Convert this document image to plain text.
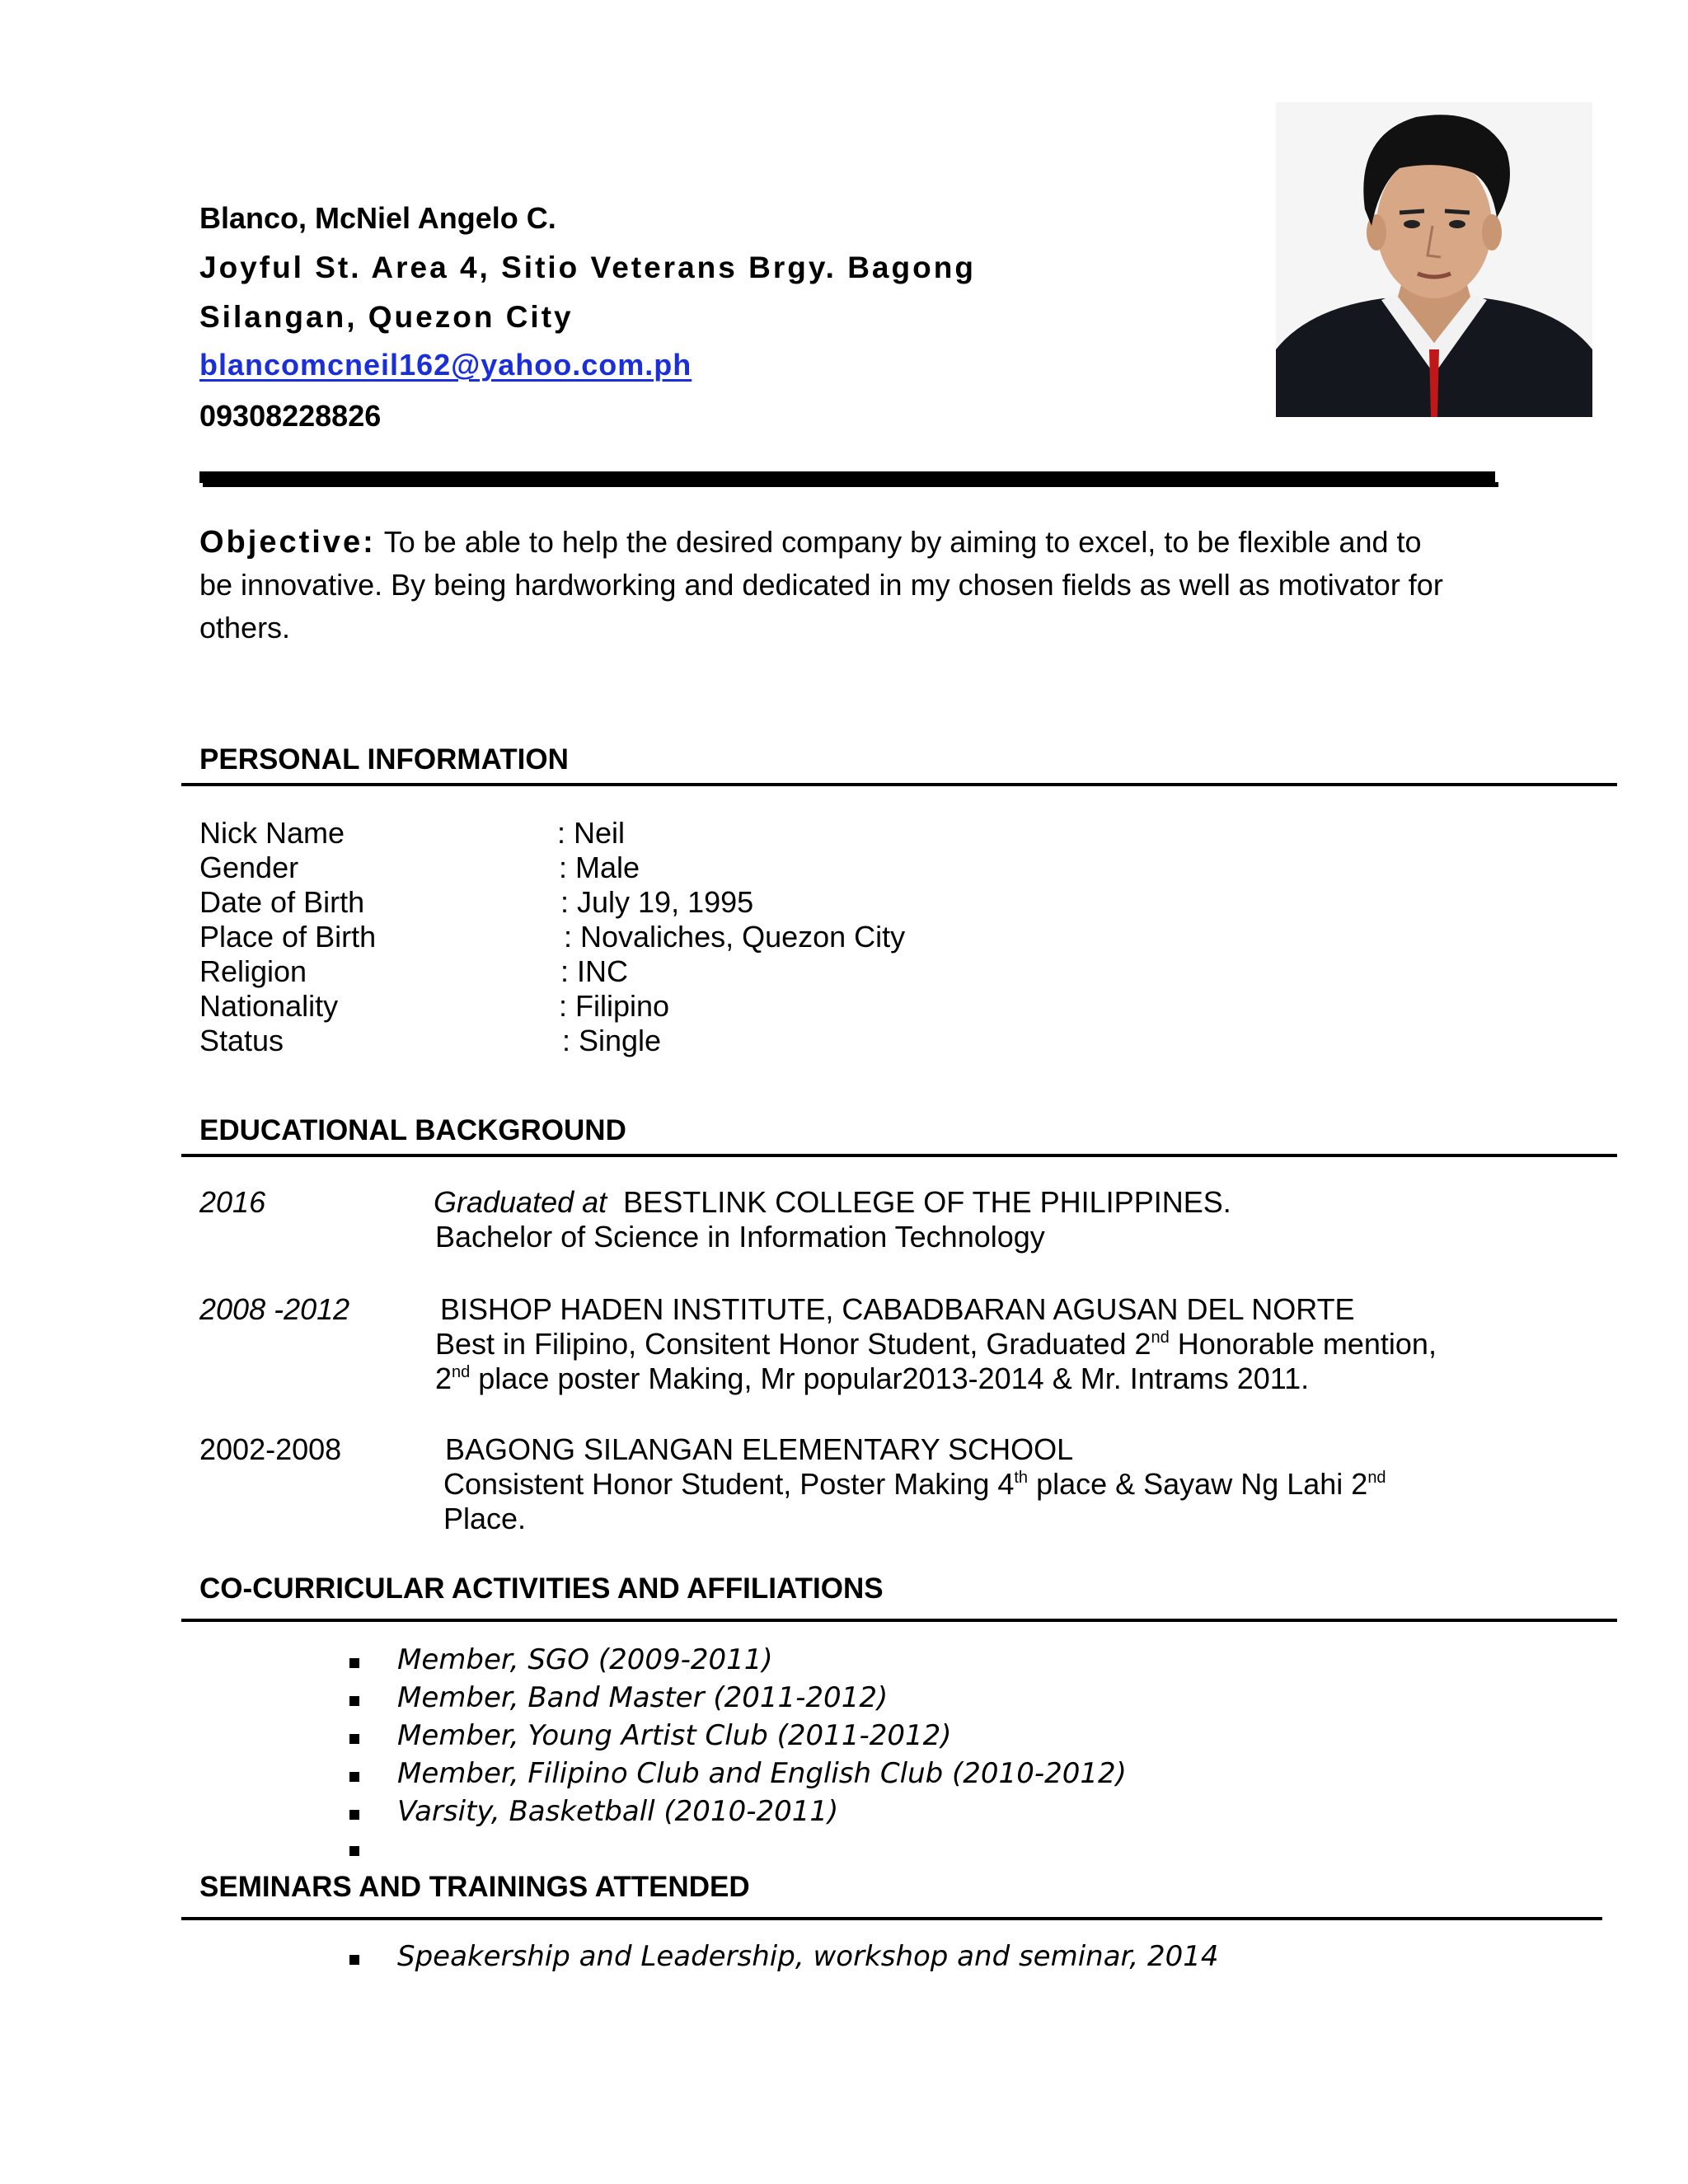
Blanco, McNiel Angelo C.
Joyful St. Area 4, Sitio Veterans Brgy. Bagong
Silangan, Quezon City
blancomcneil162@yahoo.com.ph
09308228826
Objective: To be able to help the desired company by aiming to excel, to be flexible and to
be innovative. By being hardworking and dedicated in my chosen fields as well as motivator for
others.
PERSONAL INFORMATION
Nick Name	: Neil
Gender	: Male
Date of Birth	: July 19, 1995
Place of Birth	: Novaliches, Quezon City
Religion	: INC
Nationality	: Filipino
Status	: Single
EDUCATIONAL BACKGROUND
2016	Graduated at BESTLINK COLLEGE OF THE PHILIPPINES.
Bachelor of Science in Information Technology
2008 -2012	BISHOP HADEN INSTITUTE, CABADBARAN AGUSAN DEL NORTE
Best in Filipino, Consitent Honor Student, Graduated 2nd Honorable mention,
2nd place poster Making, Mr popular2013-2014 & Mr. Intrams 2011.
2002-2008	BAGONG SILANGAN ELEMENTARY SCHOOL
Consistent Honor Student, Poster Making 4th place & Sayaw Ng Lahi 2nd
Place.
CO-CURRICULAR ACTIVITIES AND AFFILIATIONS
Member, SGO (2009-2011)
Member, Band Master (2011-2012)
Member, Young Artist Club (2011-2012)
Member, Filipino Club and English Club (2010-2012)
Varsity, Basketball (2010-2011)
SEMINARS AND TRAININGS ATTENDED
Speakership and Leadership, workshop and seminar, 2014
